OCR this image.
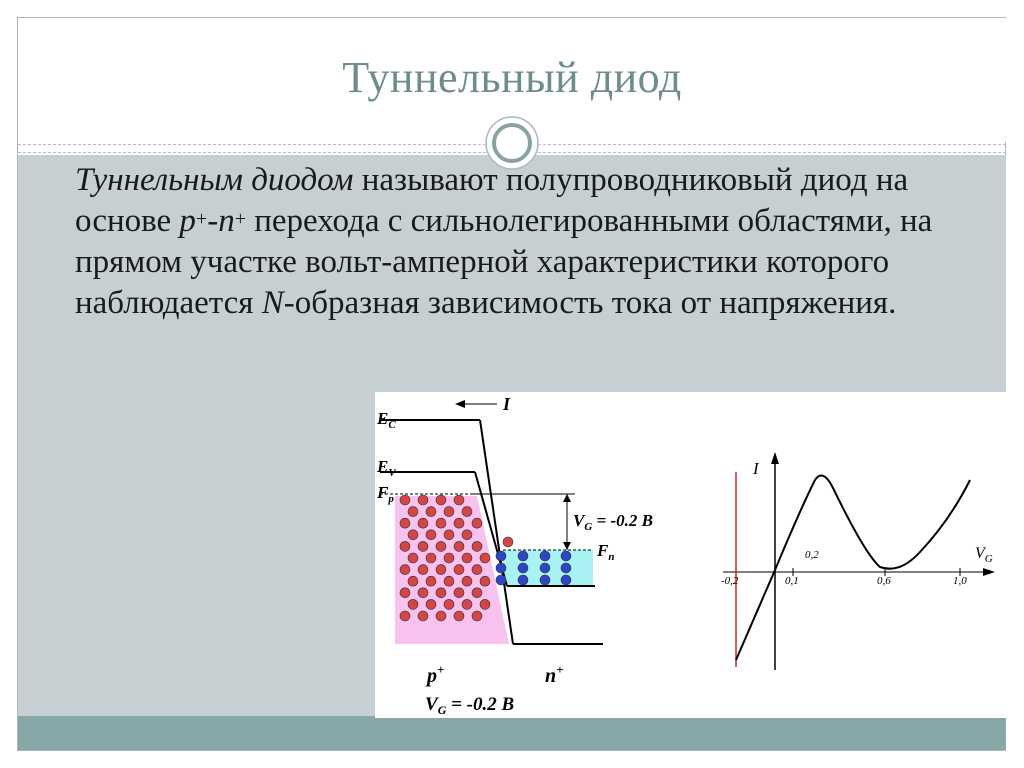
Туннельный диод
Туннельным диодом называют полупроводниковый диод на основе p+-n+ перехода с сильнолегированными областями, на прямом участке вольт-амперной характеристики которого наблюдается N-образная зависимость тока от напряжения.
$E_C$
$E_V$
$F_p$
$F_n$
I
$V_G = -0.2$ B
p+	n+
$V_G = -0.2$ B
I
$V_G$
0,2
-0,2	0,1	0,6	1,0
